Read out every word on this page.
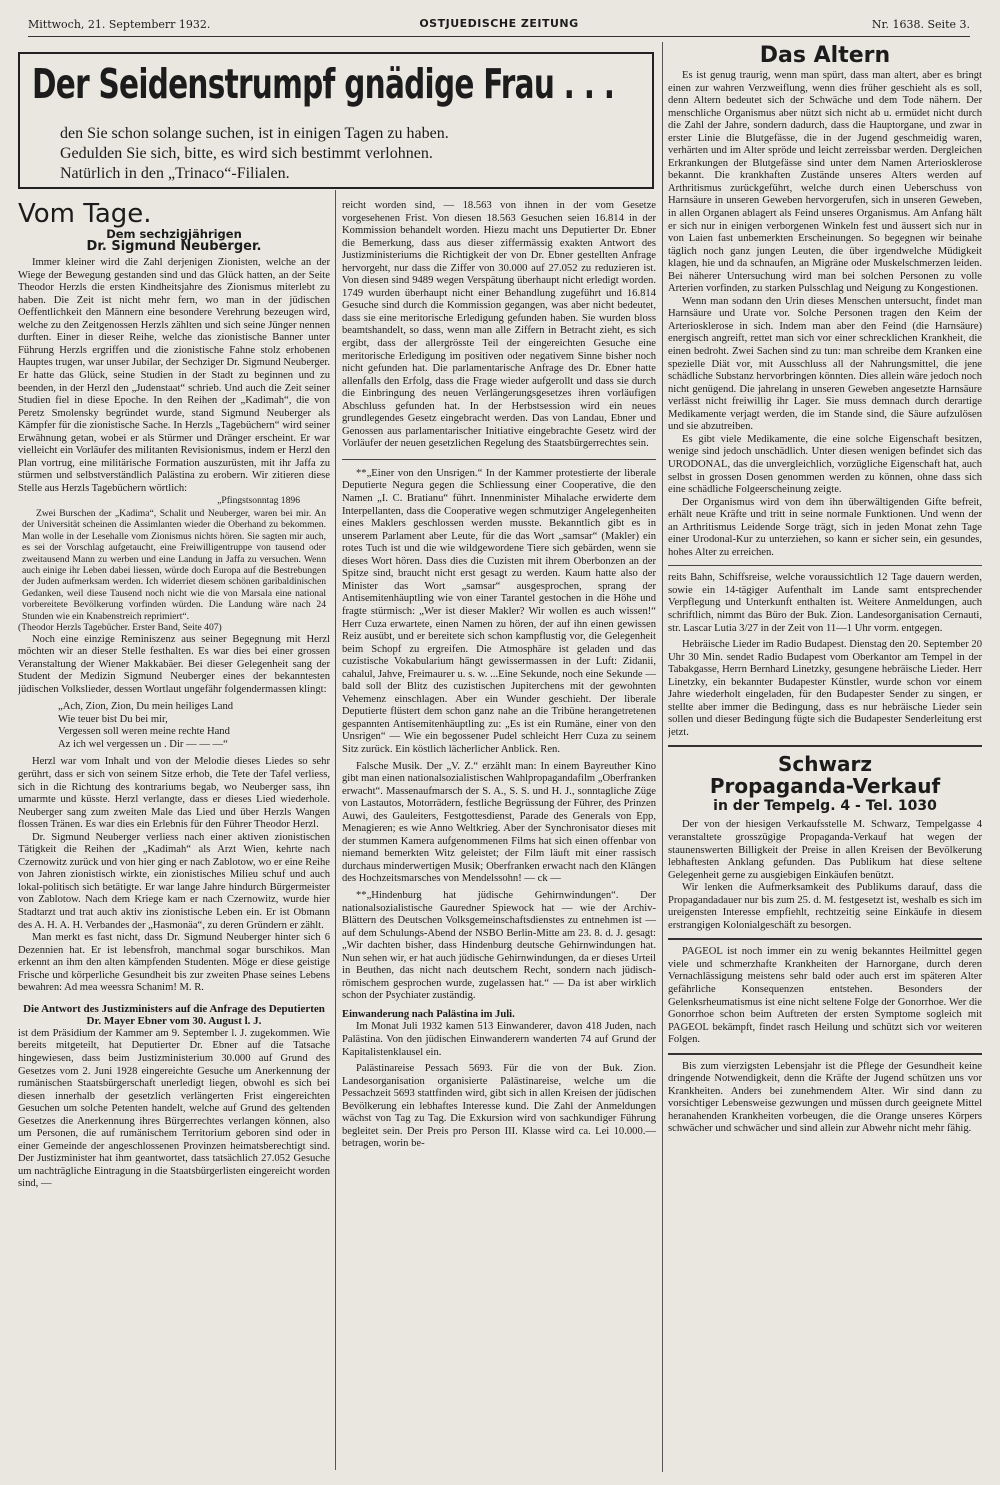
Mittwoch, 21. Septemberr 1932.	OSTJUEDISCHE ZEITUNG	Nr. 1638. Seite 3.
Der Seidenstrumpf gnädige Frau . . .
den Sie schon solange suchen, ist in einigen Tagen zu haben.
Gedulden Sie sich, bitte, es wird sich bestimmt verlohnen.
Natürlich in den „Trinaco“-Filialen.
Vom Tage.
Dem sechzigjährigen
Dr. Sigmund Neuberger.

Immer kleiner wird die Zahl derjenigen Zionisten, welche an der Wiege der Bewegung gestanden sind und das Glück hatten, an der Seite Theodor Herzls die ersten Kindheitsjahre des Zionismus miterlebt zu haben. Die Zeit ist nicht mehr fern, wo man in der jüdischen Oeffentlichkeit den Männern eine besondere Verehrung bezeugen wird, welche zu den Zeitgenossen Herzls zählten und sich seine Jünger nennen durften. Einer in dieser Reihe, welche das zionistische Banner unter Führung Herzls ergriffen und die zionistische Fahne stolz erhobenen Hauptes trugen, war unser Jubilar, der Sechziger Dr. Sigmund Neuberger. Er hatte das Glück, seine Studien in der Stadt zu beginnen und zu beenden, in der Herzl den „Judenstaat“ schrieb. Und auch die Zeit seiner Studien fiel in diese Epoche. In den Reihen der „Kadimah“, die von Peretz Smolensky begründet wurde, stand Sigmund Neuberger als Kämpfer für die zionistische Sache. In Herzls „Tagebüchern“ wird seiner Erwähnung getan, wobei er als Stürmer und Dränger erscheint. Er war vielleicht ein Vorläufer des militanten Revisionismus, indem er Herzl den Plan vortrug, eine militärische Formation auszurüsten, mit ihr Jaffa zu stürmen und selbstverständlich Palästina zu erobern. Wir zitieren diese Stelle aus Herzls Tagebüchern wörtlich:

„Pfingstsonntag 1896

Zwei Burschen der „Kadima“, Schalit und Neuberger, waren bei mir. An der Universität scheinen die Assimlanten wieder die Oberhand zu bekommen. Man wolle in der Lesehalle vom Zionismus nichts hören. Sie sagten mir auch, es sei der Vorschlag aufgetaucht, eine Freiwilligentruppe von tausend oder zweitausend Mann zu werben und eine Landung in Jaffa zu versuchen. Wenn auch einige ihr Leben dabei liessen, würde doch Europa auf die Bestrebungen der Juden aufmerksam werden. Ich widerriet diesem schönen garibaldinischen Gedanken, weil diese Tausend noch nicht wie die von Marsala eine national vorbereitete Bevölkerung vorfinden würden. Die Landung wäre nach 24 Stunden wie ein Knabenstreich reprimiert“.

(Theodor Herzls Tagebücher. Erster Band, Seite 407)

Noch eine einzige Reminiszenz aus seiner Begegnung mit Herzl möchten wir an dieser Stelle festhalten. Es war dies bei einer grossen Veranstaltung der Wiener Makkabäer. Bei dieser Gelegenheit sang der Student der Medizin Sigmund Neuberger eines der bekanntesten jüdischen Volkslieder, dessen Wortlaut ungefähr folgendermassen klingt:

„Ach, Zion, Zion, Du mein heiliges Land
Wie teuer bist Du bei mir,
Vergessen soll weren meine rechte Hand
Az ich wel vergessen un . Dir — — —“

Herzl war vom Inhalt und von der Melodie dieses Liedes so sehr gerührt, dass er sich von seinem Sitze erhob, die Tete der Tafel verliess, sich in die Richtung des kontrariums begab, wo Neuberger sass, ihn umarmte und küsste. Herzl verlangte, dass er dieses Lied wiederhole. Neuberger sang zum zweiten Male das Lied und über Herzls Wangen flossen Tränen. Es war dies ein Erlebnis für den Führer Theodor Herzl.

Dr. Sigmund Neuberger verliess nach einer aktiven zionistischen Tätigkeit die Reihen der „Kadimah“ als Arzt Wien, kehrte nach Czernowitz zurück und von hier ging er nach Zablotow, wo er eine Reihe von Jahren zionistisch wirkte, ein zionistisches Milieu schuf und auch lokal-politisch sich betätigte. Er war lange Jahre hindurch Bürgermeister von Zablotow. Nach dem Kriege kam er nach Czernowitz, wurde hier Stadtarzt und trat auch aktiv ins zionistische Leben ein. Er ist Obmann des A. H. A. H. Verbandes der „Hasmonäa“, zu deren Gründern er zählt.

Man merkt es fast nicht, dass Dr. Sigmund Neuberger hinter sich 6 Dezennien hat. Er ist lebensfroh, manchmal sogar burschikos. Man erkennt an ihm den alten kämpfenden Studenten. Möge er diese geistige Frische und körperliche Gesundheit bis zur zweiten Phase seines Lebens bewahren: Ad mea weessra Schanim! M. R.

Die Antwort des Justizministers auf die Anfrage des Deputierten Dr. Mayer Ebner vom 30. August l. J.

ist dem Präsidium der Kammer am 9. September l. J. zugekommen. Wie bereits mitgeteilt, hat Deputierter Dr. Ebner auf die Tatsache hingewiesen, dass beim Justizministerium 30.000 auf Grund des Gesetzes vom 2. Juni 1928 eingereichte Gesuche um Anerkennung der rumänischen Staatsbürgerschaft unerledigt liegen, obwohl es sich bei diesen innerhalb der gesetzlich verlängerten Frist eingereichten Gesuchen um solche Petenten handelt, welche auf Grund des geltenden Gesetzes die Anerkennung ihres Bürgerrechtes verlangen können, also um Personen, die auf rumänischem Territorium geboren sind oder in einer Gemeinde der angeschlossenen Provinzen heimatsberechtigt sind. Der Justizminister hat ihm geantwortet, dass tatsächlich 27.052 Gesuche um nachträgliche Eintragung in die Staatsbürgerlisten eingereicht worden sind, —

reicht worden sind, — 18.563 von ihnen in der vom Gesetze vorgesehenen Frist. Von diesen 18.563 Gesuchen seien 16.814 in der Kommission behandelt worden. Hiezu macht uns Deputierter Dr. Ebner die Bemerkung, dass aus dieser ziffermässig exakten Antwort des Justizministeriums die Richtigkeit der von Dr. Ebner gestellten Anfrage hervorgeht, nur dass die Ziffer von 30.000 auf 27.052 zu reduzieren ist. Von diesen sind 9489 wegen Verspätung überhaupt nicht erledigt worden. 1749 wurden überhaupt nicht einer Behandlung zugeführt und 16.814 Gesuche sind durch die Kommission gegangen, was aber nicht bedeutet, dass sie eine meritorische Erledigung gefunden haben. Sie wurden bloss beamtshandelt, so dass, wenn man alle Ziffern in Betracht zieht, es sich ergibt, dass der allergrösste Teil der eingereichten Gesuche eine meritorische Erledigung im positiven oder negativem Sinne bisher noch nicht gefunden hat. Die parlamentarische Anfrage des Dr. Ebner hatte allenfalls den Erfolg, dass die Frage wieder aufgerollt und dass sie durch die Einbringung des neuen Verlängerungsgesetzes ihren vorläufigen Abschluss gefunden hat. In der Herbstsession wird ein neues grundlegendes Gesetz eingebracht werden. Das von Landau, Ebner und Genossen aus parlamentarischer Initiative eingebrachte Gesetz wird der Vorläufer der neuen gesetzlichen Regelung des Staatsbürgerrechtes sein.

**„Einer von den Unsrigen.“ In der Kammer protestierte der liberale Deputierte Negura gegen die Schliessung einer Cooperative, die den Namen „I. C. Bratianu“ führt. Innenminister Mihalache erwiderte dem Interpellanten, dass die Cooperative wegen schmutziger Angelegenheiten eines Maklers geschlossen werden musste. Bekanntlich gibt es in unserem Parlament aber Leute, für die das Wort „samsar“ (Makler) ein rotes Tuch ist und die wie wildgewordene Tiere sich gebärden, wenn sie dieses Wort hören. Dass dies die Cuzisten mit ihrem Oberbonzen an der Spitze sind, braucht nicht erst gesagt zu werden. Kaum hatte also der Minister das Wort „samsar“ ausgesprochen, sprang der Antisemitenhäuptling wie von einer Tarantel gestochen in die Höhe und fragte stürmisch: „Wer ist dieser Makler? Wir wollen es auch wissen!“ Herr Cuza erwartete, einen Namen zu hören, der auf ihn einen gewissen Reiz ausübt, und er bereitete sich schon kampflustig vor, die Gelegenheit beim Schopf zu ergreifen. Die Atmosphäre ist geladen und das cuzistische Vokabularium hängt gewissermassen in der Luft: Zidanii, cahalul, Jahve, Freimaurer u. s. w. ...Eine Sekunde, noch eine Sekunde — bald soll der Blitz des cuzistischen Jupiterchens mit der gewohnten Vehemenz einschlagen. Aber ein Wunder geschieht. Der liberale Deputierte flüstert dem schon ganz nahe an die Tribüne herangetretenen gespannten Antisemitenhäuptling zu: „Es ist ein Rumäne, einer von den Unsrigen“ — Wie ein begossener Pudel schleicht Herr Cuza zu seinem Sitz zurück. Ein köstlich lächerlicher Anblick. Ren.

Falsche Musik. Der „V. Z.“ erzählt man: In einem Bayreuther Kino gibt man einen nationalsozialistischen Wahlpropagandafilm „Oberfranken erwacht“. Massenaufmarsch der S. A., S. S. und H. J., sonntagliche Züge von Lastautos, Motorrädern, festliche Begrüssung der Führer, des Prinzen Auwi, des Gauleiters, Festgottesdienst, Parade des Generals von Epp, Menagieren; es wie Anno Weltkrieg. Aber der Synchronisator dieses mit der stummen Kamera aufgenommenen Films hat sich einen offenbar von niemand bemerkten Witz geleistet; der Film läuft mit einer rassisch durchaus minderwertigen Musik; Oberfranken erwacht nach den Klängen des Hochzeitsmarsches von Mendelssohn! — ck —

**„Hindenburg hat jüdische Gehirnwindungen“. Der nationalsozialistische Gauredner Spiewock hat — wie der Archiv-Blättern des Deutschen Volksgemeinschaftsdienstes zu entnehmen ist — auf dem Schulungs-Abend der NSBO Berlin-Mitte am 23. 8. d. J. gesagt: „Wir dachten bisher, dass Hindenburg deutsche Gehirnwindungen hat. Nun sehen wir, er hat auch jüdische Gehirnwindungen, da er dieses Urteil in Beuthen, das nicht nach deutschem Recht, sondern nach jüdisch-römischem gesprochen wurde, zugelassen hat.“ — Da ist aber wirklich schon der Psychiater zuständig.

Einwanderung nach Palästina im Juli.

Im Monat Juli 1932 kamen 513 Einwanderer, davon 418 Juden, nach Palästina. Von den jüdischen Einwanderern wanderten 74 auf Grund der Kapitalistenklausel ein.

Palästinareise Pessach 5693. Für die von der Buk. Zion. Landesorganisation organisierte Palästinareise, welche um die Pessachzeit 5693 stattfinden wird, gibt sich in allen Kreisen der jüdischen Bevölkerung ein lebhaftes Interesse kund. Die Zahl der Anmeldungen wächst von Tag zu Tag. Die Exkursion wird von sachkundiger Führung begleitet sein. Der Preis pro Person III. Klasse wird ca. Lei 10.000.— betragen, worin be-

Das Altern

Es ist genug traurig, wenn man spürt, dass man altert, aber es bringt einen zur wahren Verzweiflung, wenn dies früher geschieht als es soll, denn Altern bedeutet sich der Schwäche und dem Tode nähern. Der menschliche Organismus aber nützt sich nicht ab u. ermüdet nicht durch die Zahl der Jahre, sondern dadurch, dass die Hauptorgane, und zwar in erster Linie die Blutgefässe, die in der Jugend geschmeidig waren, verhärten und im Alter spröde und leicht zerreissbar werden. Dergleichen Erkrankungen der Blutgefässe sind unter dem Namen Arteriosklerose bekannt. Die krankhaften Zustände unseres Alters werden auf Arthritismus zurückgeführt, welche durch einen Ueberschuss von Harnsäure in unseren Geweben hervorgerufen, sich in unseren Geweben, in allen Organen ablagert als Feind unseres Organismus. Am Anfang hält er sich nur in einigen verborgenen Winkeln fest und äussert sich nur in von Laien fast unbemerkten Erscheinungen. So begegnen wir beinahe täglich noch ganz jungen Leuten, die über irgendwelche Müdigkeit klagen, hie und da schnaufen, an Migräne oder Muskelschmerzen leiden. Bei näherer Untersuchung wird man bei solchen Personen zu volle Arterien vorfinden, zu starken Pulsschlag und Neigung zu Kongestionen.

Wenn man sodann den Urin dieses Menschen untersucht, findet man Harnsäure und Urate vor. Solche Personen tragen den Keim der Arteriosklerose in sich. Indem man aber den Feind (die Harnsäure) energisch angreift, rettet man sich vor einer schrecklichen Krankheit, die einen bedroht. Zwei Sachen sind zu tun: man schreibe dem Kranken eine spezielle Diät vor, mit Ausschluss all der Nahrungsmittel, die jene schädliche Substanz hervorbringen könnten. Dies allein wäre jedoch noch nicht genügend. Die jahrelang in unseren Geweben angesetzte Harnsäure verlässt nicht freiwillig ihr Lager. Sie muss demnach durch derartige Medikamente verjagt werden, die im Stande sind, die Säure aufzulösen und sie abzutreiben.

Es gibt viele Medikamente, die eine solche Eigenschaft besitzen, wenige sind jedoch unschädlich. Unter diesen wenigen befindet sich das URODONAL, das die unvergleichlich, vorzügliche Eigenschaft hat, auch selbst in grossen Dosen genommen werden zu können, ohne dass sich eine schädliche Folgeerscheinung zeigte.

Der Organismus wird von dem ihn überwältigenden Gifte befreit, erhält neue Kräfte und tritt in seine normale Funktionen. Und wenn der an Arthritismus Leidende Sorge trägt, sich in jeden Monat zehn Tage einer Urodonal-Kur zu unterziehen, so kann er sicher sein, ein gesundes, hohes Alter zu erreichen.

reits Bahn, Schiffsreise, welche voraussichtlich 12 Tage dauern werden, sowie ein 14-tägiger Aufenthalt im Lande samt entsprechender Verpflegung und Unterkunft enthalten ist. Weitere Anmeldungen, auch schriftlich, nimmt das Büro der Buk. Zion. Landesorganisation Cernauti, str. Lascar Lutia 3/27 in der Zeit von 11—1 Uhr vorm. entgegen.

Hebräische Lieder im Radio Budapest. Dienstag den 20. September 20 Uhr 30 Min. sendet Radio Budapest vom Oberkantor am Tempel in der Tabakgasse, Herrn Bernhard Linetzky, gesungene hebräische Lieder. Herr Linetzky, ein bekannter Budapester Künstler, wurde schon vor einem Jahre wiederholt eingeladen, für den Budapester Sender zu singen, er stellte aber immer die Bedingung, dass es nur hebräische Lieder sein sollen und dieser Bedingung fügte sich die Budapester Senderleitung erst jetzt.

Schwarz
Propaganda-Verkauf
in der Tempelg. 4 - Tel. 1030

Der von der hiesigen Verkaufsstelle M. Schwarz, Tempelgasse 4 veranstaltete grosszügige Propaganda-Verkauf hat wegen der staunenswerten Billigkeit der Preise in allen Kreisen der Bevölkerung lebhaftesten Anklang gefunden. Das Publikum hat diese seltene Gelegenheit gerne zu ausgiebigen Einkäufen benützt.

Wir lenken die Aufmerksamkeit des Publikums darauf, dass die Propagandadauer nur bis zum 25. d. M. festgesetzt ist, weshalb es sich im ureigensten Interesse empfiehlt, rechtzeitig seine Einkäufe in diesem erstrangigen Kolonialgeschäft zu besorgen.

PAGEOL ist noch immer ein zu wenig bekanntes Heilmittel gegen viele und schmerzhafte Krankheiten der Harnorgane, durch deren Vernachlässigung meistens sehr bald oder auch erst im späteren Alter gefährliche Konsequenzen entstehen. Besonders der Gelenksrheumatismus ist eine nicht seltene Folge der Gonorrhoe. Wer die Gonorrhoe schon beim Auftreten der ersten Symptome sogleich mit PAGEOL bekämpft, findet rasch Heilung und schützt sich vor weiteren Folgen.

Bis zum vierzigsten Lebensjahr ist die Pflege der Gesundheit keine dringende Notwendigkeit, denn die Kräfte der Jugend schützen uns vor Krankheiten. Anders bei zunehmendem Alter. Wir sind dann zu vorsichtiger Lebensweise gezwungen und müssen durch geeignete Mittel heranahenden Krankheiten vorbeugen, die die Orange unseres Körpers schwächer und schwächer und sind allein zur Abwehr nicht mehr fähig.
